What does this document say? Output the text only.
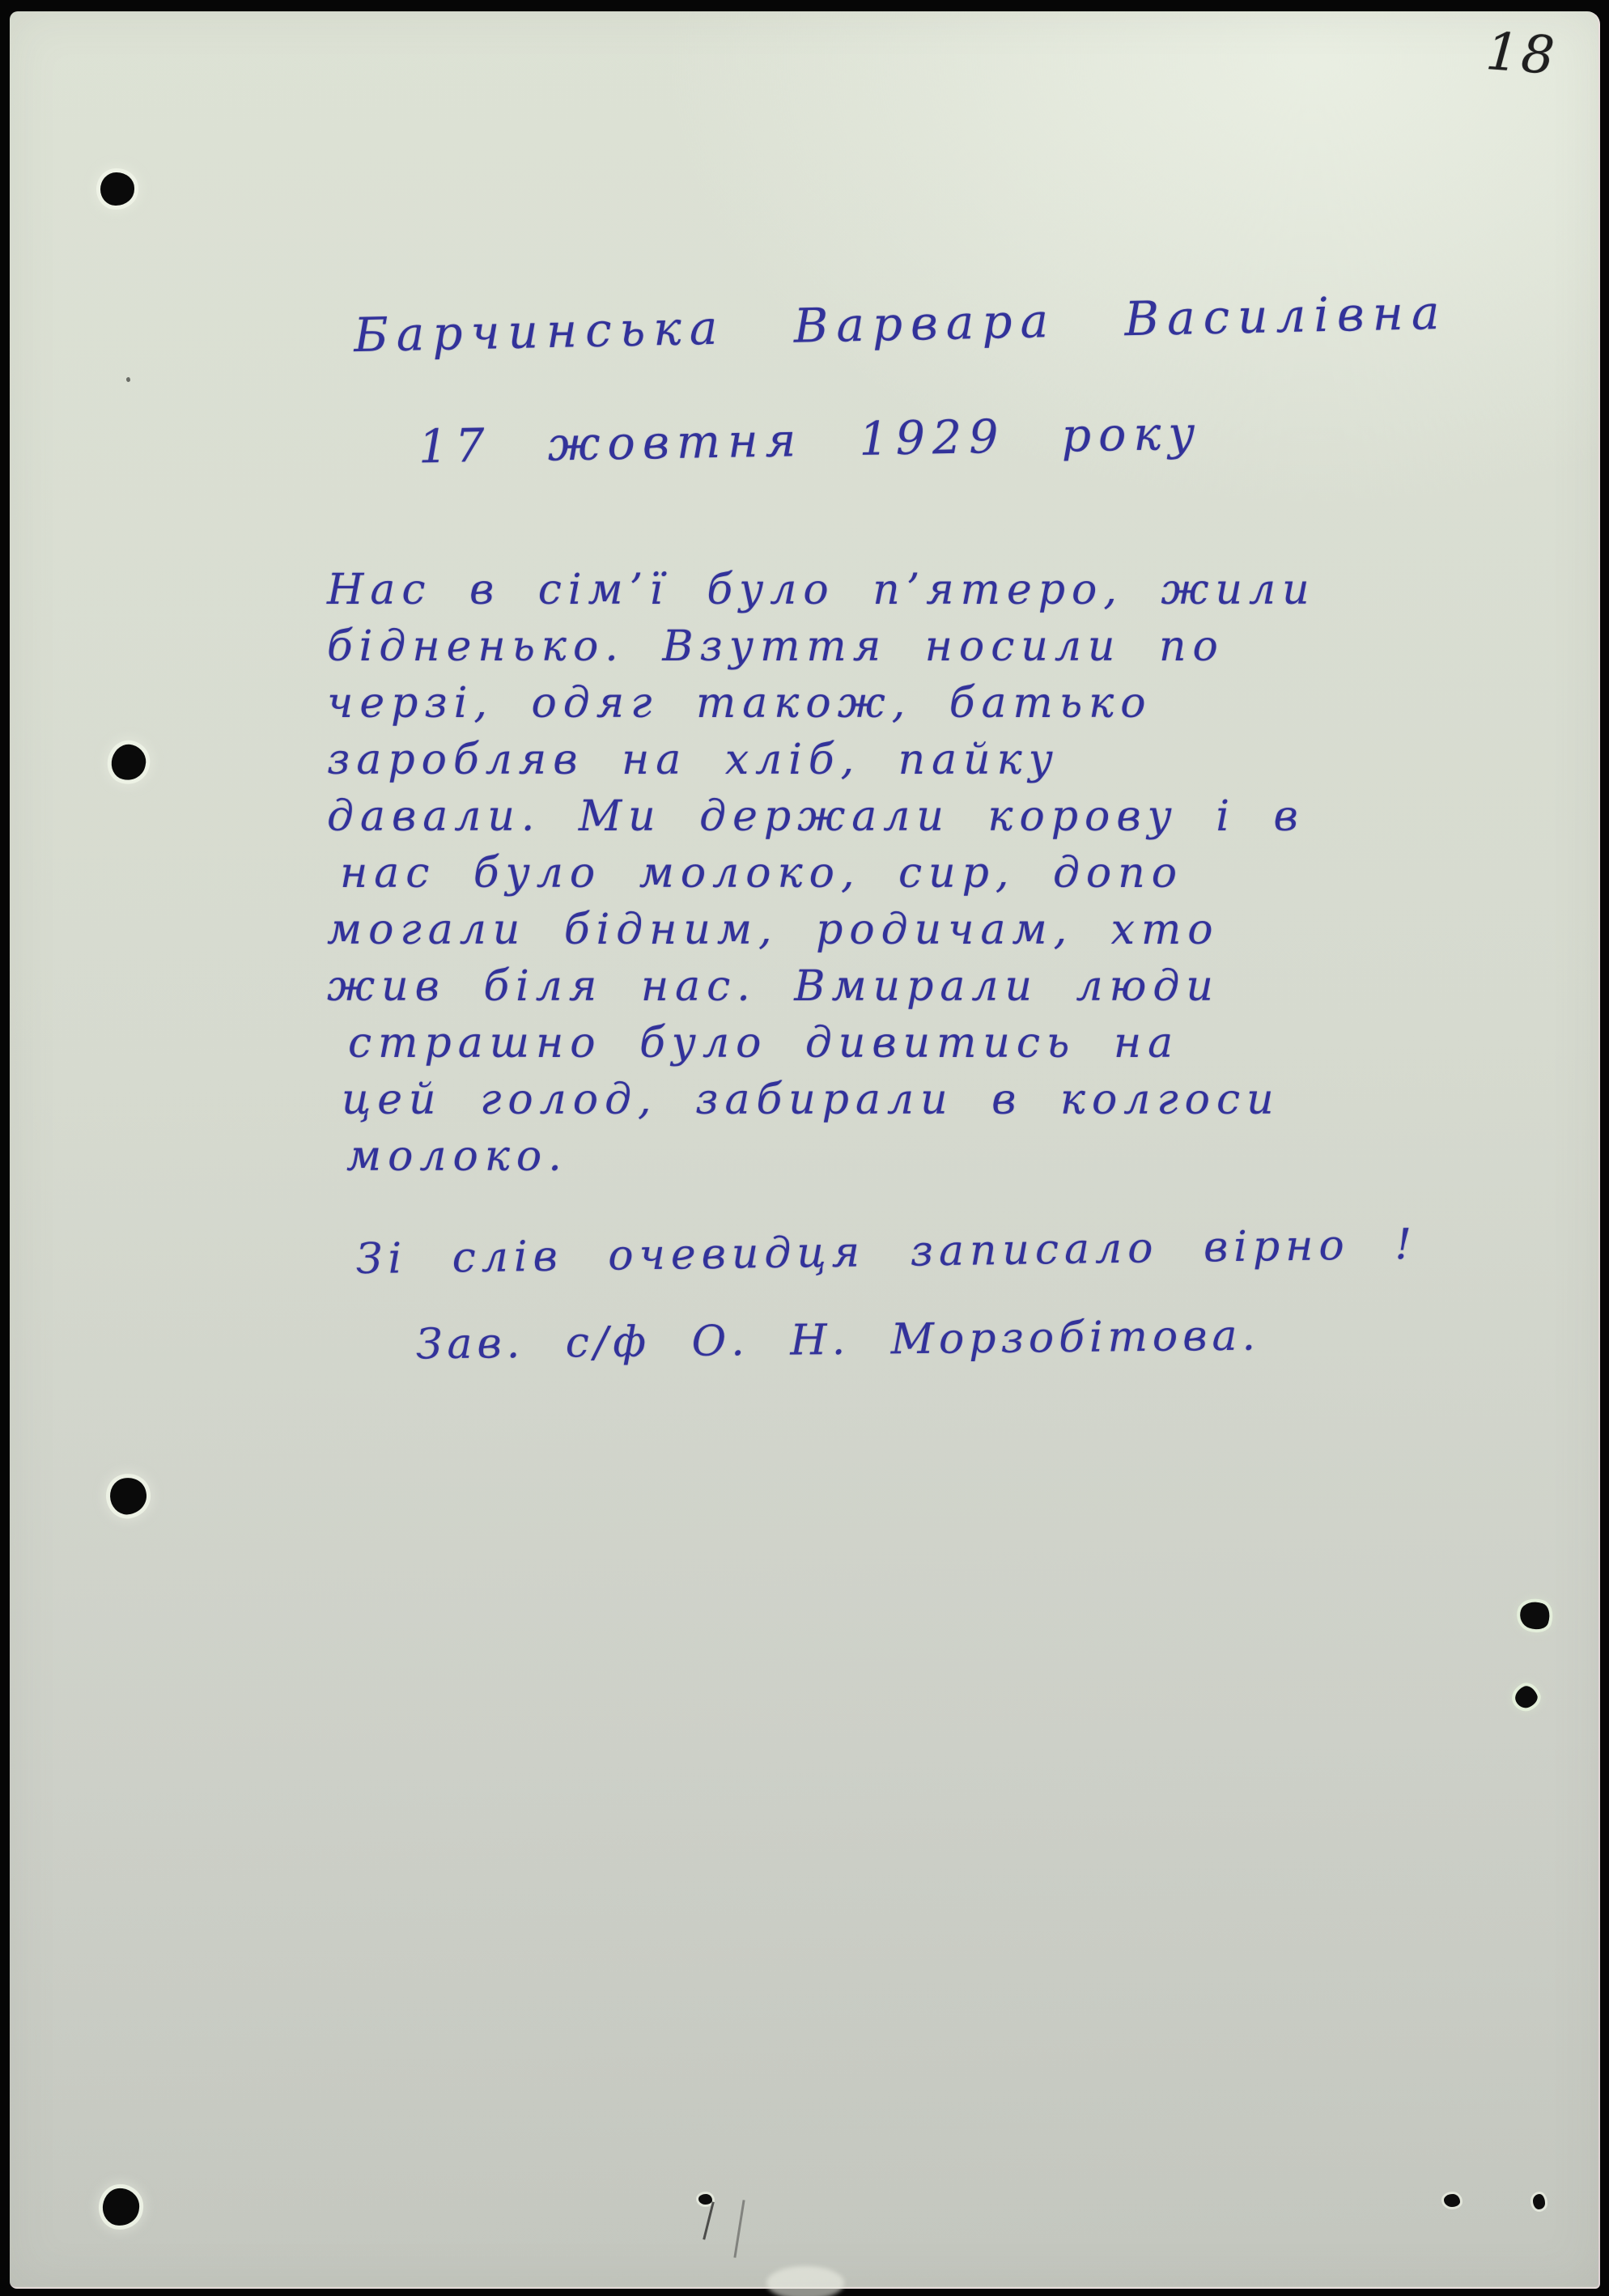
18
Барчинська Варвара Василівна
17 жовтня 1929 року
Нас в сім’ї було п’ятеро, жили
бідненько. Взуття носили по
черзі, одяг також, батько
заробляв на хліб, пайку
давали. Ми держали корову і в
нас було молоко, сир, допо
могали бідним, родичам, хто
жив біля нас. Вмирали люди
страшно було дивитись на
цей голод, забирали в колгоси
молоко.
Зі слів очевидця записало вірно !
Зав. с/ф О. Н. Морзобітова.
